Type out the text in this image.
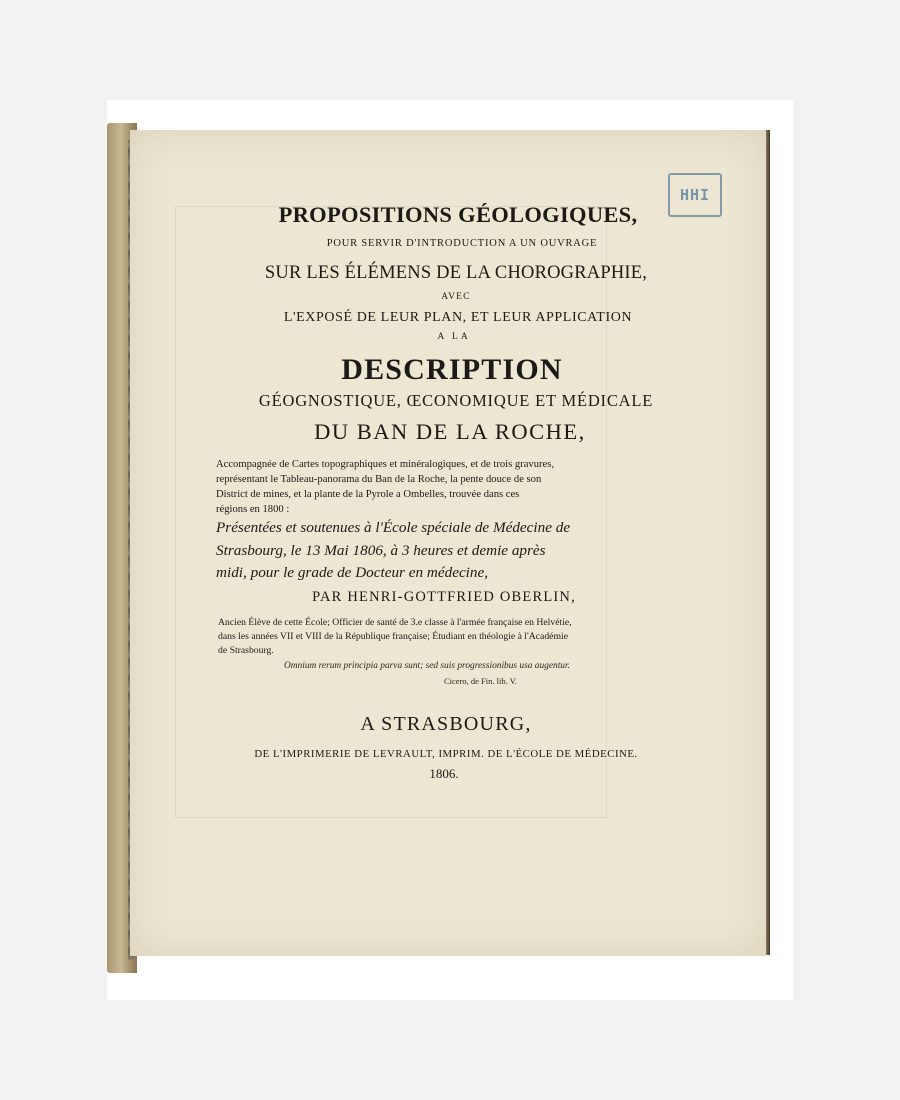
HHI
PROPOSITIONS GÉOLOGIQUES,
POUR SERVIR D'INTRODUCTION A UN OUVRAGE
SUR LES ÉLÉMENS DE LA CHOROGRAPHIE,
AVEC
L'EXPOSÉ DE LEUR PLAN, ET LEUR APPLICATION
A LA
DESCRIPTION
GÉOGNOSTIQUE, ŒCONOMIQUE ET MÉDICALE
DU BAN DE LA ROCHE,
Accompagnée de Cartes topographiques et minéralogiques, et de trois gravures,
représentant le Tableau-panorama du Ban de la Roche, la pente douce de son
District de mines, et la plante de la Pyrole a Ombelles, trouvée dans ces
régions en 1800 :
Présentées et soutenues à l'École spéciale de Médecine de
Strasbourg, le 13 Mai 1806, à 3 heures et demie après
midi, pour le grade de Docteur en médecine,
PAR HENRI-GOTTFRIED OBERLIN,
Ancien Élève de cette École; Officier de santé de 3.e classe à l'armée française en Helvétie,
dans les années VII et VIII de la République française; Étudiant en théologie à l'Académie
de Strasbourg.
Omnium rerum principia parva sunt; sed suis progressionibus usa augentur.
Cicero, de Fin. lib. V.
A STRASBOURG,
DE L'IMPRIMERIE DE LEVRAULT, IMPRIM. DE L'ÉCOLE DE MÉDECINE.
1806.
